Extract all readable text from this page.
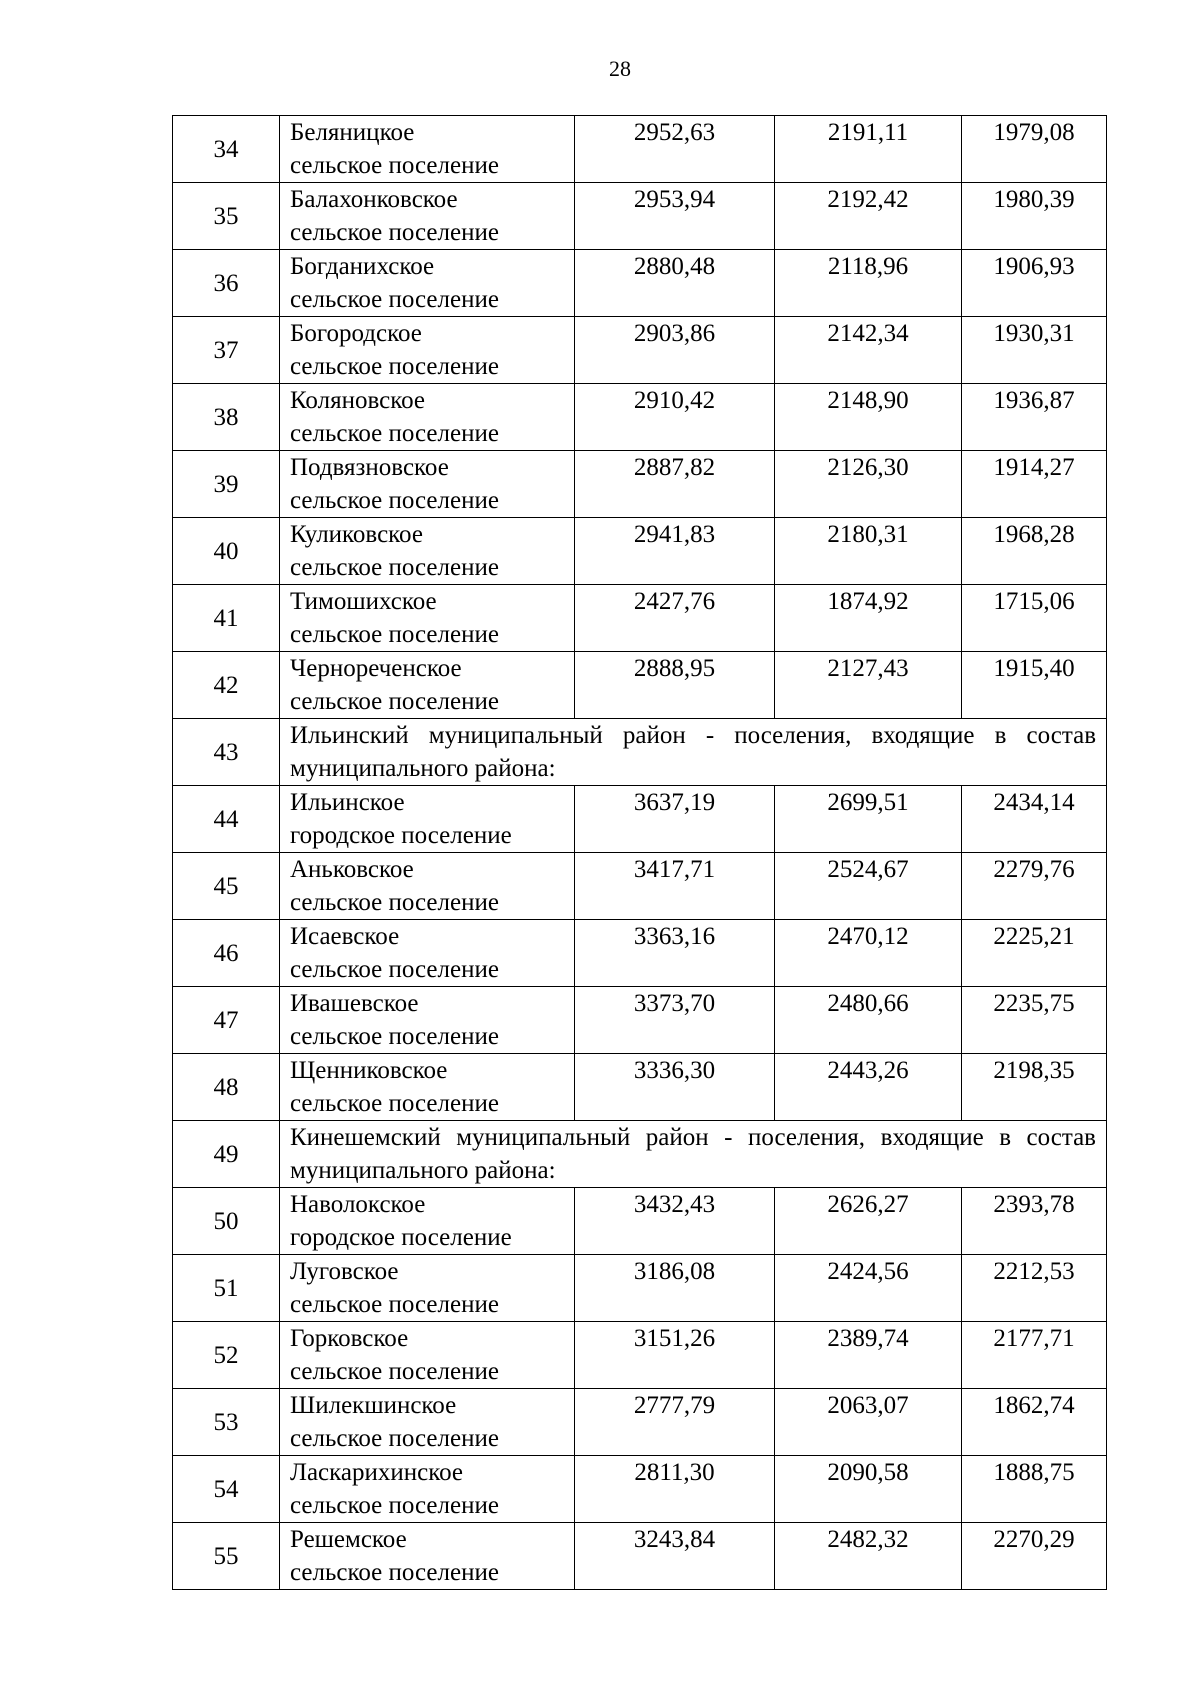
28
34	Беляницкое
сельское поселение	2952,63	2191,11	1979,08
35	Балахонковское
сельское поселение	2953,94	2192,42	1980,39
36	Богданихское
сельское поселение	2880,48	2118,96	1906,93
37	Богородское
сельское поселение	2903,86	2142,34	1930,31
38	Коляновское
сельское поселение	2910,42	2148,90	1936,87
39	Подвязновское
сельское поселение	2887,82	2126,30	1914,27
40	Куликовское
сельское поселение	2941,83	2180,31	1968,28
41	Тимошихское
сельское поселение	2427,76	1874,92	1715,06
42	Чернореченское
сельское поселение	2888,95	2127,43	1915,40
43	Ильинский муниципальный район - поселения, входящие в состав муниципального района:			

44	Ильинское
городское поселение	3637,19	2699,51	2434,14
45	Аньковское
сельское поселение	3417,71	2524,67	2279,76
46	Исаевское
сельское поселение	3363,16	2470,12	2225,21
47	Ивашевское
сельское поселение	3373,70	2480,66	2235,75
48	Щенниковское
сельское поселение	3336,30	2443,26	2198,35
49	Кинешемский муниципальный район - поселения, входящие в состав муниципального района:			

50	Наволокское
городское поселение	3432,43	2626,27	2393,78
51	Луговское
сельское поселение	3186,08	2424,56	2212,53
52	Горковское
сельское поселение	3151,26	2389,74	2177,71
53	Шилекшинское
сельское поселение	2777,79	2063,07	1862,74
54	Ласкарихинское
сельское поселение	2811,30	2090,58	1888,75
55	Решемское
сельское поселение	3243,84	2482,32	2270,29
